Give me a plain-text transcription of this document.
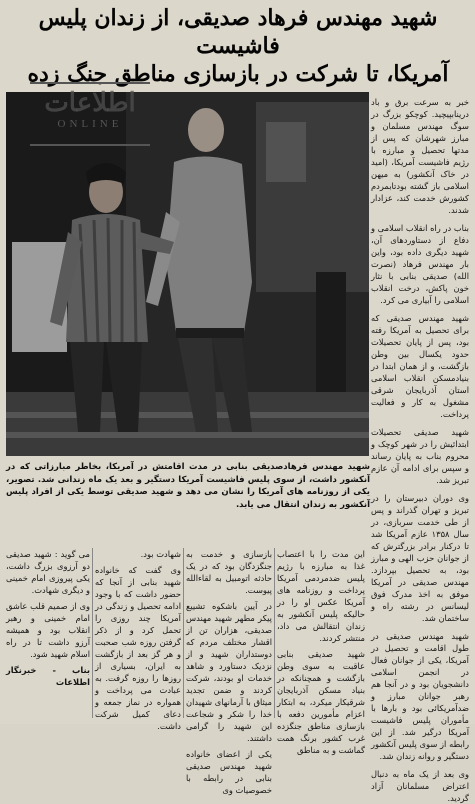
شهید مهندس فرهاد صدیقی، از زندان پلیس فاشیست
آمریکا، تا شرکت در بازسازی مناطق جنگ زده
اطلاعات
ONLINE
شهید مهندس فرهادصدیقی بنابی در مدت اقامتش در آمریکا، بخاطر مبارزاتی که در آنکشور داشت، از سوی پلیس فاشیست آمریکا دستگیر و بعد یک ماه زندانی شد. تصویر، یکی از روزنامه های آمریکا را نشان می دهد و شهید صدیقی توسط یکی از افراد پلیس آنکشور به زندان انتقال می یابد.

خبر به سرعت برق و باد درینابپیچید. کوچکو بزرگ در سوگ مهندس مسلمان و مبارز شهرشان که پس از مدتها تحصیل و مبارزه با رژیم فاشیست آمریکا، (امید در خاک آنکشور) به میهن اسلامی باز گشته بودتابمردم کشورش خدمت کند، عزادار شدند.

بناب در راه انقلاب اسلامی و دفاع از دستاوردهای آن، شهید دیگری داده بود، واین بار مهندس فرهاد (نصرت الله) صدیقی بنابی با نثار خون پاکش، درخت انقلاب اسلامی را آبیاری می کرد.

شهید مهندس صدیقی که برای تحصیل به آمریکا رفته بود، پس از پایان تحصیلات حدود یکسال بین وطن بازگشت، و از همان ابتدا در بنیادمسکن انقلاب اسلامی استان آذربایجان شرقی مشغول به کار و فعالیت پرداخت.

شهید صدیقی تحصیلات ابتدائیش را در شهر کوچک و محروم بناب به پایان رساند و سپس برای ادامه آن عازم تبریز شد.

وی دوران دبیرستان را در تبریز و تهران گذراند و پس از طی خدمت سربازی، در سال ۱۳۵۸ عازم آمریکا شد تا درکنار برادر بزرگترش که از جوانان حزب الهی و مبارز بود، به تحصیل بپردازد. مهندس صدیقی در آمریکا موفق به اخذ مدرک فوق لیسانس در رشته راه و ساختمان شد.

شهید مهندس صدیقی در طول اقامت و تحصیل در آمریکا، یکی از جوانان فعال در انجمن اسلامی دانشجویان بود و در آنجا هم رهبر جوانان مبارز و ضدآمریکائی بود و بارها با مأموران پلیس فاشیست آمریکا درگیر شد. از این رابطه از سوی پلیس آنکشور دستگیر و روانه زندان شد.

وی بعد از یک ماه به دنبال اعتراض مسلمانان آزاد گردید.

این مدت را با اعتصاب غذا به مبارزه با رژیم پلیس ضدمردمی آمریکا پرداخت و روزنامه های آمریکا عکس او را در حالیکه پلیس آنکشور به زندان انتقالش می داد، منتشر کردند.

شهید صدیقی بنابی عاقبت به سوی وطن بازگشت و همچنانکه در بنیاد مسکن آذربایجان شرقیکار میکرد، به ابتکار اعزام مأمورین دفعه با بازسازی مناطق جنگزده غرب کشور برنگ همت گماشت و به مناطق

بازسازی و خدمت به جنگزدگان بود که در یک حادثه اتومبیل به لقاءالله پیوست.

در آیین باشکوه تشییع پیکر مطهر شهید مهندس صدیقی، هزاران تن از اقشار مختلف مردم که دوستداران شهید و از نزدیک دستاورد و شاهد خدمات او بودند، شرکت کردند و ضمن تجدید میثاق با آرمانهای شهیدان خدا را شکر و شجاعت این شهید را گرامی داشتند.

یکی از اعضای خانواده شهید مهندس صدیقی بنابی در رابطه با خصوصیات وی

شهادت بود.

وی گفت که خانواده شهید بنابی از آنجا که حضور داشت که با وجود ادامه تحصیل و زندگی در آمریکا چند روزی را تحمل کرد و از ذکر گرفتن روزه شب صحبت و هر گز بعد از بازگشت به ایران، بسیاری از روزها را روزه گرفت. به عبادت می پرداخت و همواره در نماز جمعه و دعای کمیل شرکت داشت.

می گوید : شهید صدیقی دو آرزوی بزرگ داشت، یکی پیروزی امام خمینی و دیگری شهادت.

وی از صمیم قلب عاشق امام خمینی و رهبر انقلاب بود و همیشه آرزو داشت تا در راه اسلام شهید شود.

بناب - خبرنگار اطلاعات
